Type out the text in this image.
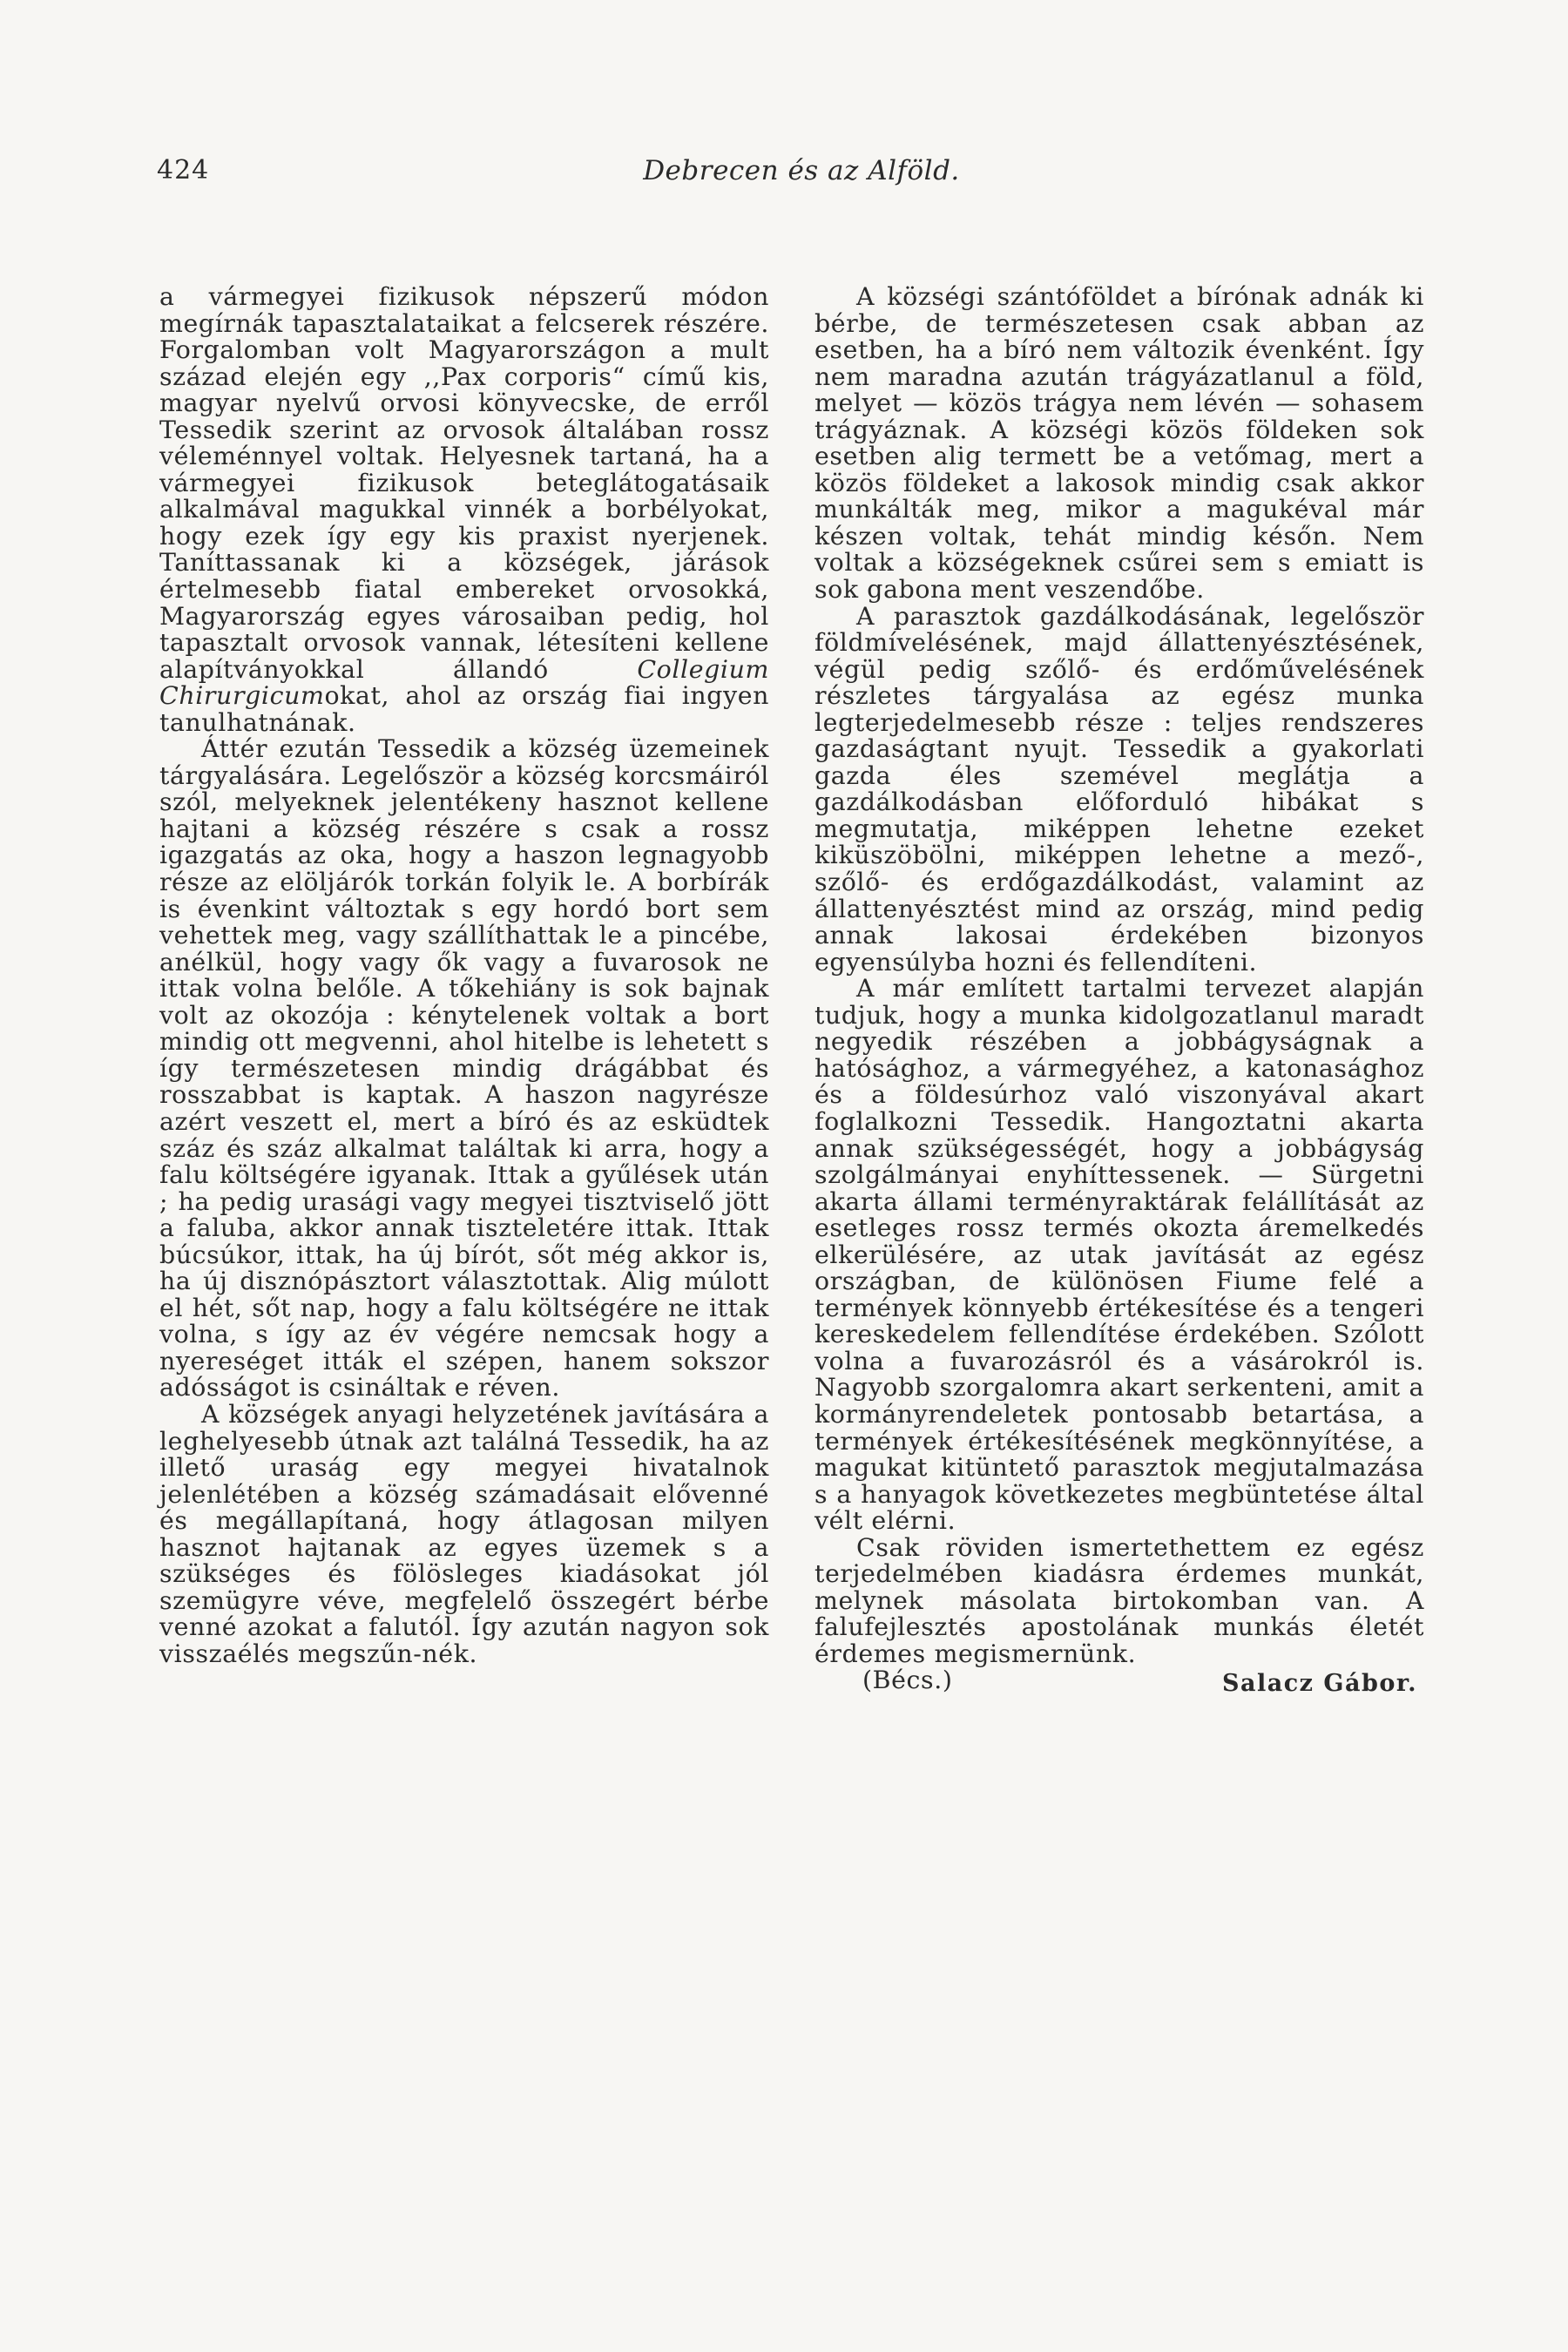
424	Debrecen és az Alföld.

a vármegyei fizikusok népszerű módon megírnák tapasztalataikat a felcserek részére. Forgalomban volt Magyarországon a mult század elején egy ,,Pax corporis“ című kis, magyar nyelvű orvosi könyvecske, de erről Tessedik szerint az orvosok általában rossz véleménnyel voltak. Helyesnek tartaná, ha a vármegyei fizikusok beteglátogatásaik alkalmával magukkal vinnék a borbélyokat, hogy ezek így egy kis praxist nyerjenek. Taníttassanak ki a községek, járások értelmesebb fiatal embereket orvosokká, Magyarország egyes városaiban pedig, hol tapasztalt orvosok vannak, létesíteni kellene alapítványokkal állandó Collegium Chirurgicumokat, ahol az ország fiai ingyen tanulhatnának.

Áttér ezután Tessedik a község üzemeinek tárgyalására. Legelőször a község korcsmáiról szól, melyeknek jelentékeny hasznot kellene hajtani a község részére s csak a rossz igazgatás az oka, hogy a haszon legnagyobb része az elöljárók torkán folyik le. A borbírák is évenkint változtak s egy hordó bort sem vehettek meg, vagy szállíthattak le a pincébe, anélkül, hogy vagy ők vagy a fuvarosok ne ittak volna belőle. A tőkehiány is sok bajnak volt az okozója : kénytelenek voltak a bort mindig ott megvenni, ahol hitelbe is lehetett s így természetesen mindig drágábbat és rosszabbat is kaptak. A haszon nagyrésze azért veszett el, mert a bíró és az esküdtek száz és száz alkalmat találtak ki arra, hogy a falu költségére igyanak. Ittak a gyűlések után ; ha pedig urasági vagy megyei tisztviselő jött a faluba, akkor annak tiszteletére ittak. Ittak búcsúkor, ittak, ha új bírót, sőt még akkor is, ha új disznópásztort választottak. Alig múlott el hét, sőt nap, hogy a falu költségére ne ittak volna, s így az év végére nemcsak hogy a nyereséget itták el szépen, hanem sokszor adósságot is csináltak e réven.

A községek anyagi helyzetének javítására a leghelyesebb útnak azt találná Tessedik, ha az illető uraság egy megyei hivatalnok jelenlétében a község számadásait elővenné és megállapítaná, hogy átlagosan milyen hasznot hajtanak az egyes üzemek s a szükséges és fölösleges kiadásokat jól szemügyre véve, megfelelő összegért bérbe venné azokat a falutól. Így azután nagyon sok visszaélés megszűn-nék.

A községi szántóföldet a bírónak adnák ki bérbe, de természetesen csak abban az esetben, ha a bíró nem változik évenként. Így nem maradna azután trágyázatlanul a föld, melyet — közös trágya nem lévén — sohasem trágyáznak. A községi közös földeken sok esetben alig termett be a vetőmag, mert a közös földeket a lakosok mindig csak akkor munkálták meg, mikor a magukéval már készen voltak, tehát mindig későn. Nem voltak a községeknek csűrei sem s emiatt is sok gabona ment veszendőbe.

A parasztok gazdálkodásának, legelőször földmívelésének, majd állattenyésztésének, végül pedig szőlő- és erdőművelésének részletes tárgyalása az egész munka legterjedelmesebb része : teljes rendszeres gazdaságtant nyujt. Tessedik a gyakorlati gazda éles szemével meglátja a gazdálkodásban előforduló hibákat s megmutatja, miképpen lehetne ezeket kiküszöbölni, miképpen lehetne a mező-, szőlő- és erdőgazdálkodást, valamint az állattenyésztést mind az ország, mind pedig annak lakosai érdekében bizonyos egyensúlyba hozni és fellendíteni.

A már említett tartalmi tervezet alapján tudjuk, hogy a munka kidolgozatlanul maradt negyedik részében a jobbágyságnak a hatósághoz, a vármegyéhez, a katonasághoz és a földesúrhoz való viszonyával akart foglalkozni Tessedik. Hangoztatni akarta annak szükségességét, hogy a jobbágyság szolgálmányai enyhíttessenek. — Sürgetni akarta állami terményraktárak felállítását az esetleges rossz termés okozta áremelkedés elkerülésére, az utak javítását az egész országban, de különösen Fiume felé a termények könnyebb értékesítése és a tengeri kereskedelem fellendítése érdekében. Szólott volna a fuvarozásról és a vásárokról is. Nagyobb szorgalomra akart serkenteni, amit a kormányrendeletek pontosabb betartása, a termények értékesítésének megkönnyítése, a magukat kitüntető parasztok megjutalmazása s a hanyagok következetes megbüntetése által vélt elérni.

Csak röviden ismertethettem ez egész terjedelmében kiadásra érdemes munkát, melynek másolata birtokomban van. A falufejlesztés apostolának munkás életét érdemes megismernünk.

(Bécs.)	Salacz Gábor.
